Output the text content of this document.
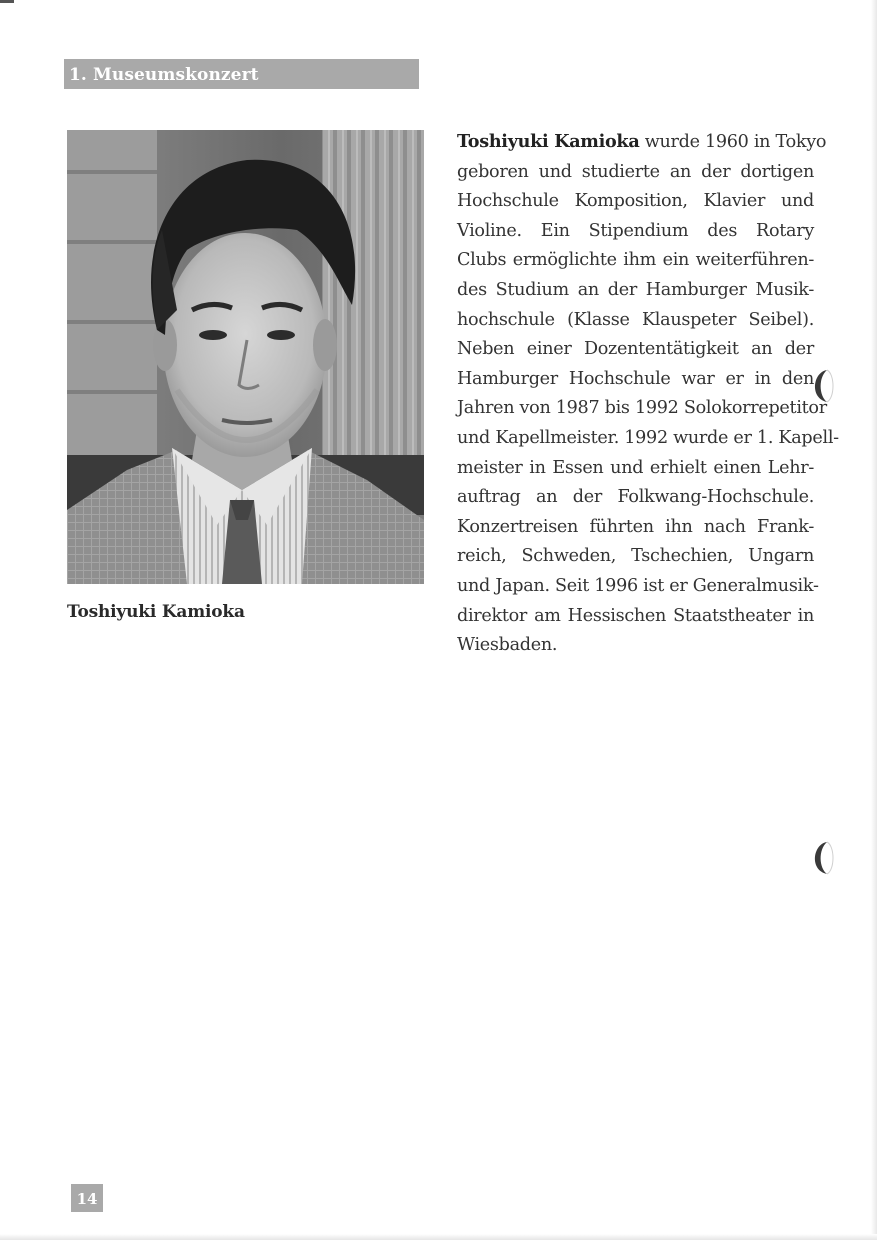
1. Museumskonzert
Toshiyuki Kamioka
Toshiyuki Kamioka wurde 1960 in Tokyo
geboren und studierte an der dortigen
Hochschule Komposition, Klavier und
Violine. Ein Stipendium des Rotary
Clubs ermöglichte ihm ein weiterführen-
des Studium an der Hamburger Musik-
hochschule (Klasse Klauspeter Seibel).
Neben einer Dozententätigkeit an der
Hamburger Hochschule war er in den
Jahren von 1987 bis 1992 Solokorrepetitor
und Kapellmeister. 1992 wurde er 1. Kapell-
meister in Essen und erhielt einen Lehr-
auftrag an der Folkwang-Hochschule.
Konzertreisen führten ihn nach Frank-
reich, Schweden, Tschechien, Ungarn
und Japan. Seit 1996 ist er Generalmusik-
direktor am Hessischen Staatstheater in
Wiesbaden.
14
